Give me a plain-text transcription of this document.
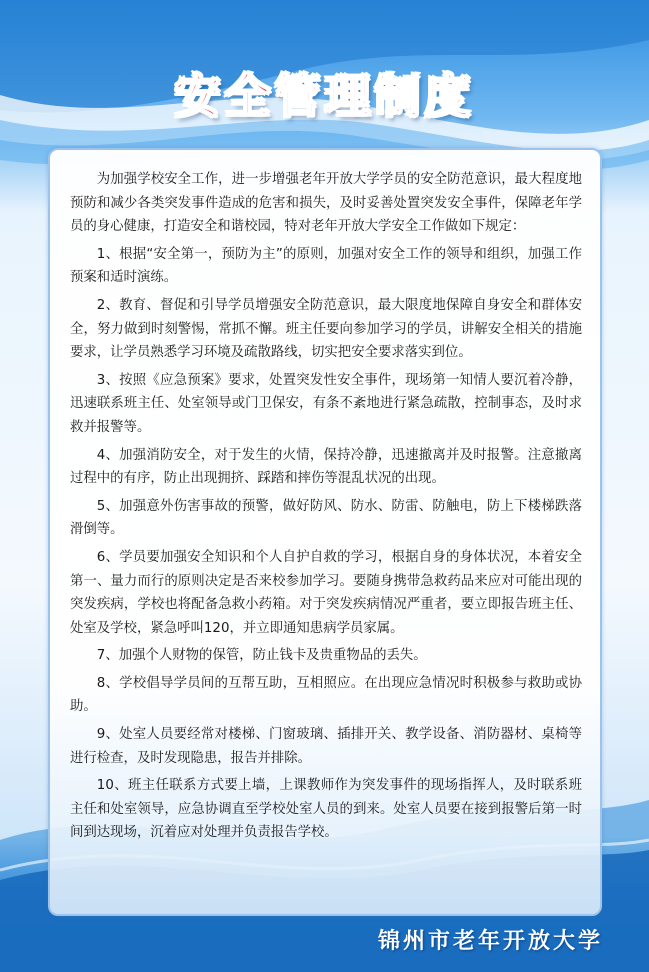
安全管理制度

为加强学校安全工作，进一步增强老年开放大学学员的安全防范意识，最大程度地预防和减少各类突发事件造成的危害和损失，及时妥善处置突发安全事件，保障老年学员的身心健康，打造安全和谐校园，特对老年开放大学安全工作做如下规定：

1、根据“安全第一，预防为主”的原则，加强对安全工作的领导和组织，加强工作预案和适时演练。

2、教育、督促和引导学员增强安全防范意识，最大限度地保障自身安全和群体安全，努力做到时刻警惕，常抓不懈。班主任要向参加学习的学员，讲解安全相关的措施要求，让学员熟悉学习环境及疏散路线，切实把安全要求落实到位。

3、按照《应急预案》要求，处置突发性安全事件，现场第一知情人要沉着冷静，迅速联系班主任、处室领导或门卫保安，有条不紊地进行紧急疏散，控制事态，及时求救并报警等。

4、加强消防安全，对于发生的火情，保持冷静，迅速撤离并及时报警。注意撤离过程中的有序，防止出现拥挤、踩踏和摔伤等混乱状况的出现。

5、加强意外伤害事故的预警，做好防风、防水、防雷、防触电，防上下楼梯跌落滑倒等。

6、学员要加强安全知识和个人自护自救的学习，根据自身的身体状况，本着安全第一、量力而行的原则决定是否来校参加学习。要随身携带急救药品来应对可能出现的突发疾病，学校也将配备急救小药箱。对于突发疾病情况严重者，要立即报告班主任、处室及学校，紧急呼叫120，并立即通知患病学员家属。

7、加强个人财物的保管，防止钱卡及贵重物品的丢失。

8、学校倡导学员间的互帮互助，互相照应。在出现应急情况时积极参与救助或协助。

9、处室人员要经常对楼梯、门窗玻璃、插排开关、教学设备、消防器材、桌椅等进行检查，及时发现隐患，报告并排除。

10、班主任联系方式要上墙，上课教师作为突发事件的现场指挥人，及时联系班主任和处室领导，应急协调直至学校处室人员的到来。处室人员要在接到报警后第一时间到达现场，沉着应对处理并负责报告学校。

锦州市老年开放大学
